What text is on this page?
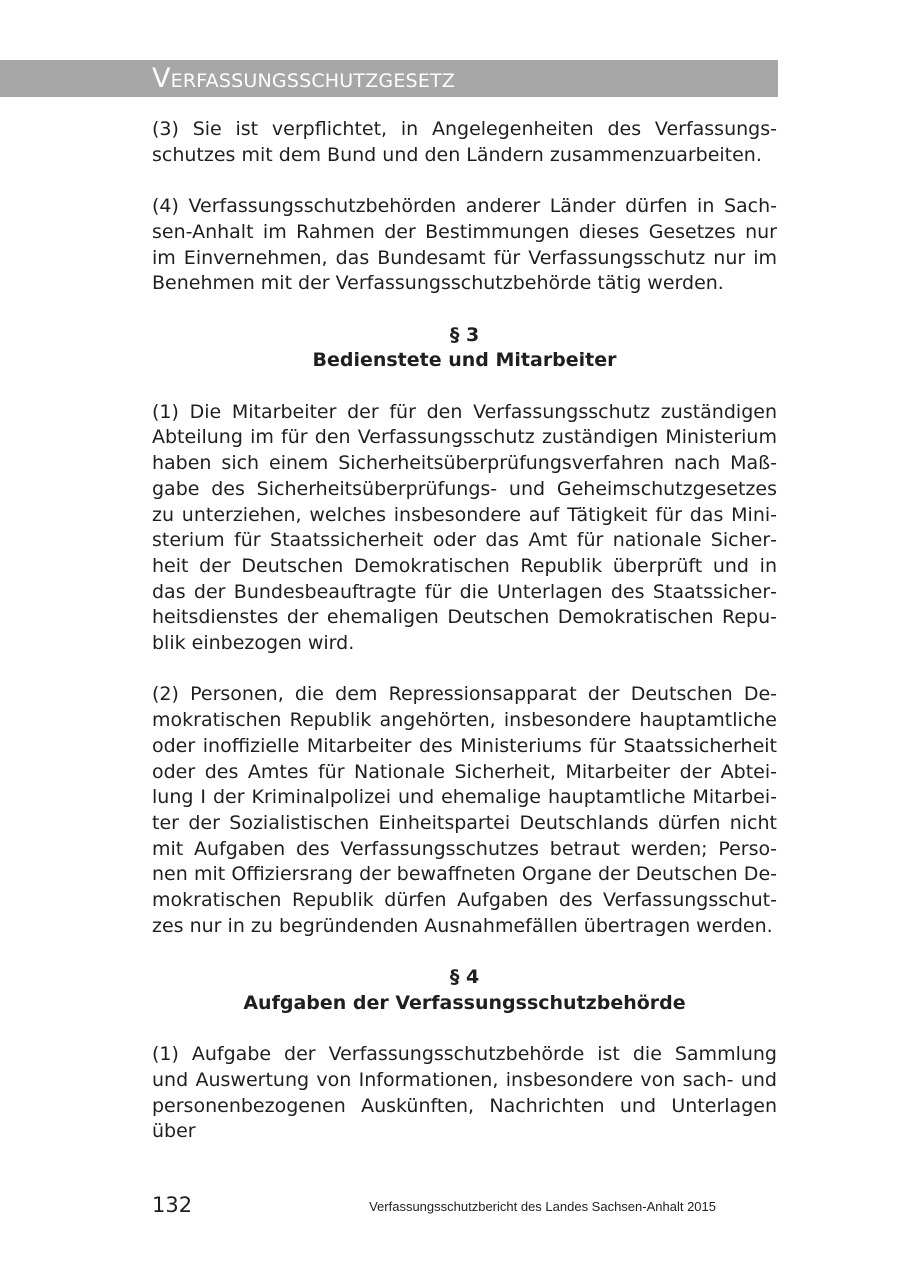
Verfassungsschutzgesetz

(3) Sie ist verpflichtet, in Angelegenheiten des Verfassungsschutzes mit dem Bund und den Ländern zusammenzuarbeiten.

(4) Verfassungsschutzbehörden anderer Länder dürfen in Sachsen-Anhalt im Rahmen der Bestimmungen dieses Gesetzes nur im Einvernehmen, das Bundesamt für Verfassungsschutz nur im Benehmen mit der Verfassungsschutzbehörde tätig werden.

§ 3
Bedienstete und Mitarbeiter

(1) Die Mitarbeiter der für den Verfassungsschutz zuständigen Abteilung im für den Verfassungsschutz zuständigen Ministerium haben sich einem Sicherheitsüberprüfungsverfahren nach Maßgabe des Sicherheitsüberprüfungs- und Geheimschutzgesetzes zu unterziehen, welches insbesondere auf Tätigkeit für das Ministerium für Staatssicherheit oder das Amt für nationale Sicherheit der Deutschen Demokratischen Republik überprüft und in das der Bundesbeauftragte für die Unterlagen des Staatssicherheitsdienstes der ehemaligen Deutschen Demokratischen Republik einbezogen wird.

(2) Personen, die dem Repressionsapparat der Deutschen Demokratischen Republik angehörten, insbesondere hauptamtliche oder inoffizielle Mitarbeiter des Ministeriums für Staatssicherheit oder des Amtes für Nationale Sicherheit, Mitarbeiter der Abteilung I der Kriminalpolizei und ehemalige hauptamtliche Mitarbeiter der Sozialistischen Einheitspartei Deutschlands dürfen nicht mit Aufgaben des Verfassungsschutzes betraut werden; Personen mit Offiziersrang der bewaffneten Organe der Deutschen Demokratischen Republik dürfen Aufgaben des Verfassungsschutzes nur in zu begründenden Ausnahmefällen übertragen werden.

§ 4
Aufgaben der Verfassungsschutzbehörde

(1) Aufgabe der Verfassungsschutzbehörde ist die Sammlung und Auswertung von Informationen, insbesondere von sach- und personenbezogenen Auskünften, Nachrichten und Unterlagen über

132	Verfassungsschutzbericht des Landes Sachsen-Anhalt 2015
